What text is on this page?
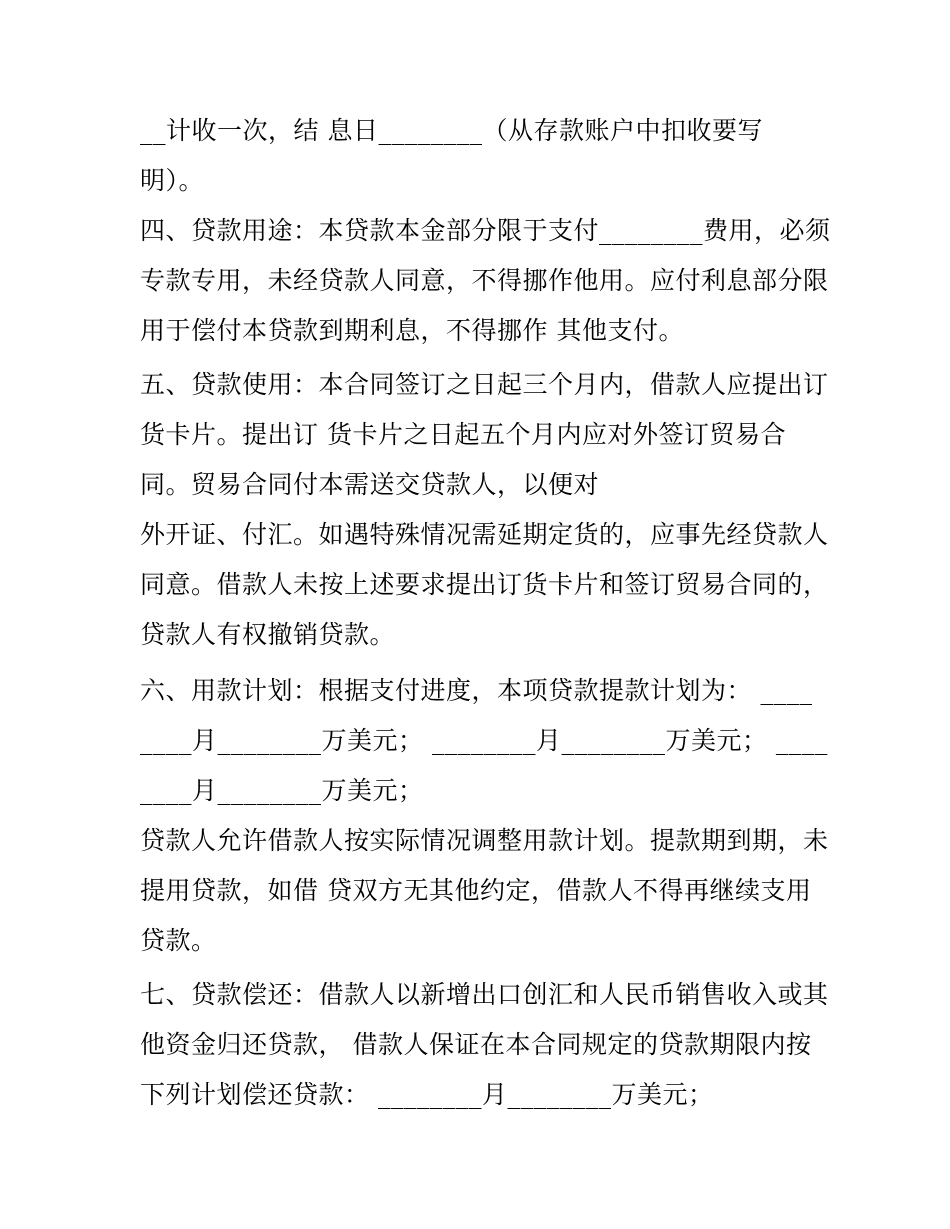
__计收一次，结 息日________（从存款账户中扣收要写

明）。

四、贷款用途：本贷款本金部分限于支付________费用，必须

专款专用，未经贷款人同意，不得挪作他用。应付利息部分限

用于偿付本贷款到期利息，不得挪作 其他支付。

五、贷款使用：本合同签订之日起三个月内，借款人应提出订

货卡片。提出订 货卡片之日起五个月内应对外签订贸易合

同。贸易合同付本需送交贷款人，以便对

外开证、付汇。如遇特殊情况需延期定货的，应事先经贷款人

同意。借款人未按上述要求提出订货卡片和签订贸易合同的，

贷款人有权撤销贷款。

六、用款计划：根据支付进度，本项贷款提款计划为： ____

____月________万美元； ________月________万美元； ____

____月________万美元；

贷款人允许借款人按实际情况调整用款计划。提款期到期，未

提用贷款，如借 贷双方无其他约定，借款人不得再继续支用

贷款。

七、贷款偿还：借款人以新增出口创汇和人民币销售收入或其

他资金归还贷款， 借款人保证在本合同规定的贷款期限内按

下列计划偿还贷款： ________月________万美元；
